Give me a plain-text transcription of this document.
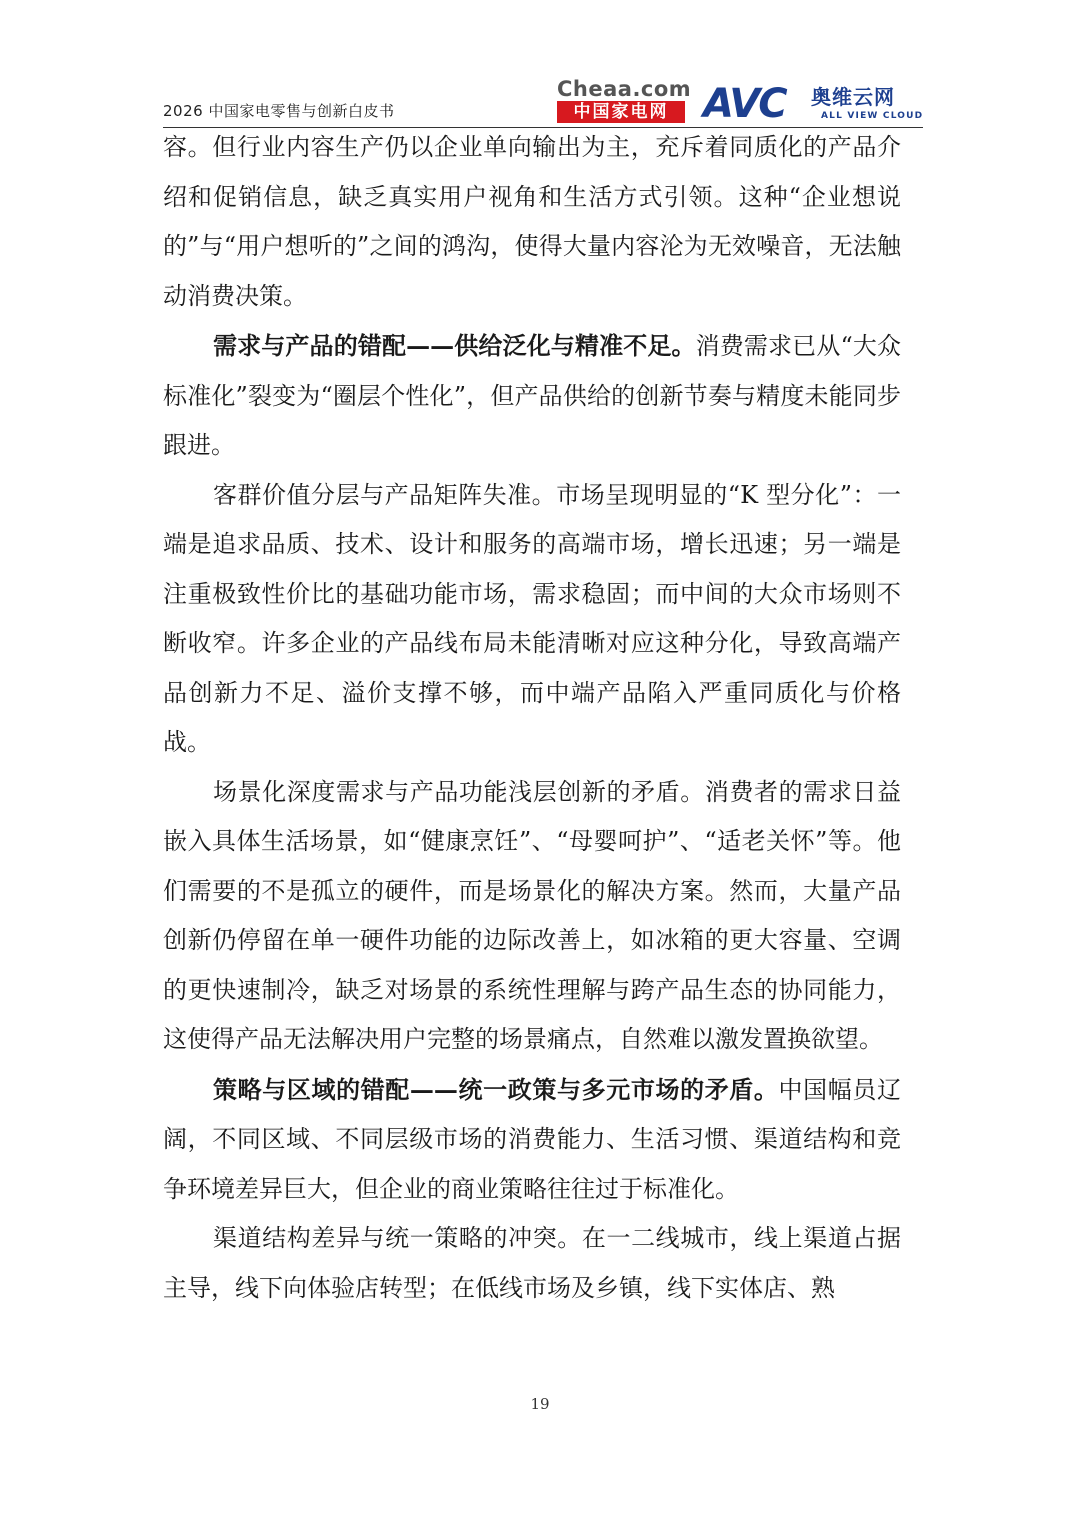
2026 中国家电零售与创新白皮书
Cheaa.com
中国家电网 AVC 奥维云网
ALL VIEW CLOUD

容。但行业内容生产仍以企业单向输出为主，充斥着同质化的产品介绍和促销信息，缺乏真实用户视角和生活方式引领。这种“企业想说的”与“用户想听的”之间的鸿沟，使得大量内容沦为无效噪音，无法触动消费决策。

需求与产品的错配——供给泛化与精准不足。消费需求已从“大众标准化”裂变为“圈层个性化”，但产品供给的创新节奏与精度未能同步跟进。

客群价值分层与产品矩阵失准。市场呈现明显的“K 型分化”：一端是追求品质、技术、设计和服务的高端市场，增长迅速；另一端是注重极致性价比的基础功能市场，需求稳固；而中间的大众市场则不断收窄。许多企业的产品线布局未能清晰对应这种分化，导致高端产品创新力不足、溢价支撑不够，而中端产品陷入严重同质化与价格战。

场景化深度需求与产品功能浅层创新的矛盾。消费者的需求日益嵌入具体生活场景，如“健康烹饪”、“母婴呵护”、“适老关怀”等。他们需要的不是孤立的硬件，而是场景化的解决方案。然而，大量产品创新仍停留在单一硬件功能的边际改善上，如冰箱的更大容量、空调的更快速制冷，缺乏对场景的系统性理解与跨产品生态的协同能力，这使得产品无法解决用户完整的场景痛点，自然难以激发置换欲望。

策略与区域的错配——统一政策与多元市场的矛盾。中国幅员辽阔，不同区域、不同层级市场的消费能力、生活习惯、渠道结构和竞争环境差异巨大，但企业的商业策略往往过于标准化。

渠道结构差异与统一策略的冲突。在一二线城市，线上渠道占据主导，线下向体验店转型；在低线市场及乡镇，线下实体店、熟

19
